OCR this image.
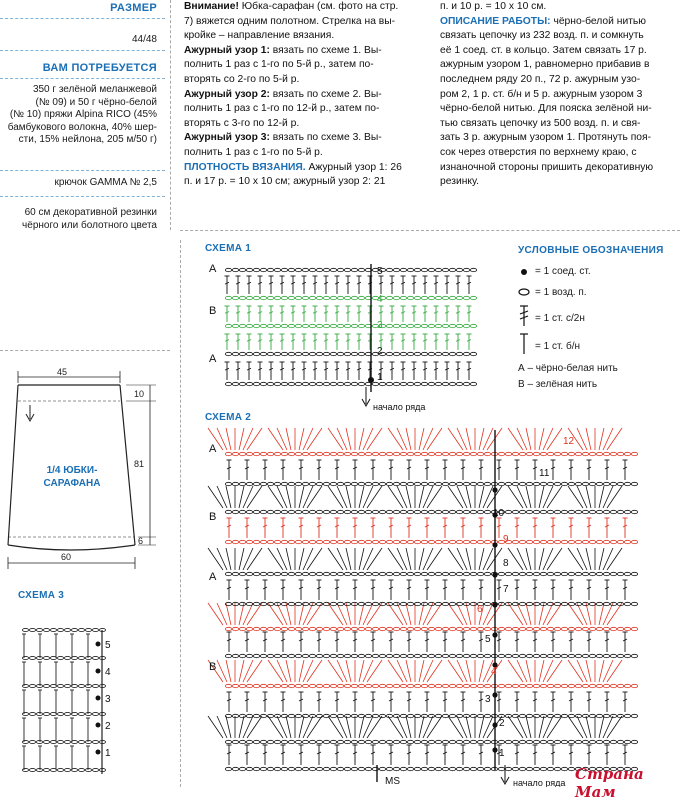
РАЗМЕР
44/48
ВАМ ПОТРЕБУЕТСЯ
350 г зелёной меланжевой
(№ 09) и 50 г чёрно-белой
(№ 10) пряжи Alpina RICO (45%
бамбукового волокна, 40% шер-
сти, 15% нейлона, 205 м/50 г)
крючок GAMMA № 2,5
60 см декоративной резинки
чёрного или болотного цвета
Внимание! Юбка-сарафан (см. фото на стр.
7) вяжется одним полотном. Стрелка на вы-
кройке – направление вязания.
Ажурный узор 1: вязать по схеме 1. Вы-
полнить 1 раз с 1-го по 5-й р., затем по-
вторять со 2-го по 5-й р.
Ажурный узор 2: вязать по схеме 2. Вы-
полнить 1 раз с 1-го по 12-й р., затем по-
вторять с 3-го по 12-й р.
Ажурный узор 3: вязать по схеме 3. Вы-
полнить 1 раз с 1-го по 5-й р.
ПЛОТНОСТЬ ВЯЗАНИЯ. Ажурный узор 1: 26
п. и 17 р. = 10 х 10 см; ажурный узор 2: 21
п. и 10 р. = 10 х 10 см.
ОПИСАНИЕ РАБОТЫ: чёрно-белой нитью
связать цепочку из 232 возд. п. и сомкнуть
её 1 соед. ст. в кольцо. Затем связать 17 р.
ажурным узором 1, равномерно прибавив в
последнем ряду 20 п., 72 р. ажурным узо-
ром 2, 1 р. ст. б/н и 5 р. ажурным узором 3
чёрно-белой нитью. Для пояска зелёной ни-
тью связать цепочку из 500 возд. п. и свя-
зать 3 р. ажурным узором 1. Протянуть поя-
сок через отверстия по верхнему краю, с
изнаночной стороны пришить декоративную
резинку.
45
10
81
6
60
1/4 ЮБКИ-
САРАФАНА
СХЕМА 3
5
4
3
2
1
СХЕМА 1
A
B
A
5
4
3
2
1
начало ряда
УСЛОВНЫЕ ОБОЗНАЧЕНИЯ
= 1 соед. ст.
= 1 возд. п.
= 1 ст. с/2н
= 1 ст. б/н
А – чёрно-белая нить
В – зелёная нить
СХЕМА 2
A
B
A
B
12
11
10
9
8
7
6
5
4
3
2
1
MS	начало ряда Страна Мам
